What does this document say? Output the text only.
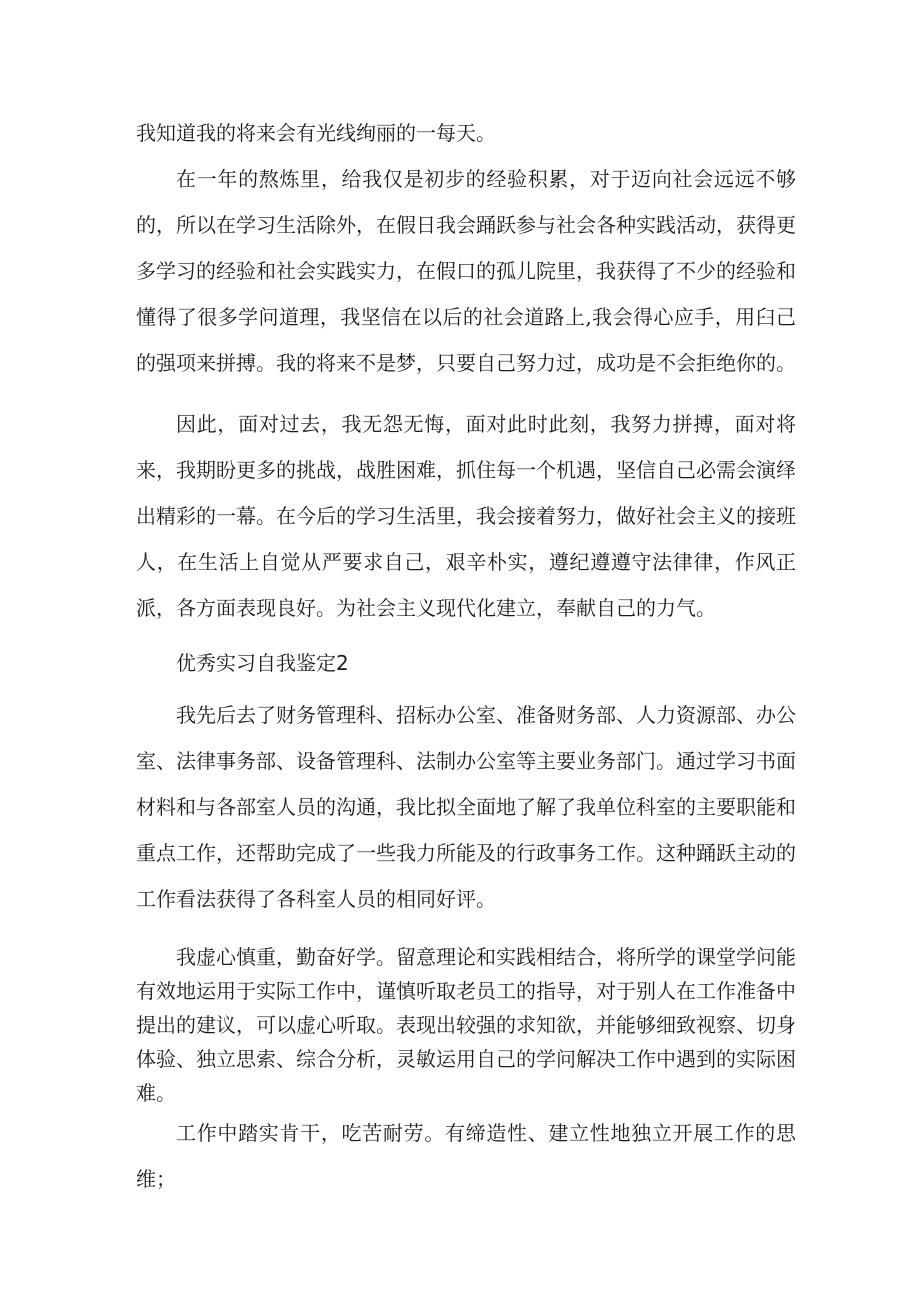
我知道我的将来会有光线绚丽的一每天。

在一年的熬炼里，给我仅是初步的经验积累，对于迈向社会远远不够的，所以在学习生活除外，在假日我会踊跃参与社会各种实践活动，获得更多学习的经验和社会实践实力，在假口的孤儿院里，我获得了不少的经验和懂得了很多学问道理，我坚信在以后的社会道路上,我会得心应手，用臼己的强项来拼搏。我的将来不是梦，只要自己努力过，成功是不会拒绝你的。

因此，面对过去，我无怨无悔，面对此时此刻，我努力拼搏，面对将来，我期盼更多的挑战，战胜困难，抓住每一个机遇，坚信自己必需会演绎出精彩的一幕。在今后的学习生活里，我会接着努力，做好社会主义的接班人，在生活上自觉从严要求自己，艰辛朴实，遵纪遵遵守法律律，作风正派，各方面表现良好。为社会主义现代化建立，奉献自己的力气。

优秀实习自我鉴定2

我先后去了财务管理科、招标办公室、准备财务部、人力资源部、办公室、法律事务部、设备管理科、法制办公室等主要业务部门。通过学习书面材料和与各部室人员的沟通，我比拟全面地了解了我单位科室的主要职能和重点工作，还帮助完成了一些我力所能及的行政事务工作。这种踊跃主动的工作看法获得了各科室人员的相同好评。

我虚心慎重，勤奋好学。留意理论和实践相结合，将所学的课堂学问能有效地运用于实际工作中，谨慎听取老员工的指导，对于别人在工作准备中提出的建议，可以虚心听取。表现出较强的求知欲，并能够细致视察、切身体验、独立思索、综合分析，灵敏运用自己的学问解决工作中遇到的实际困难。

工作中踏实肯干，吃苦耐劳。有缔造性、建立性地独立开展工作的思维；
